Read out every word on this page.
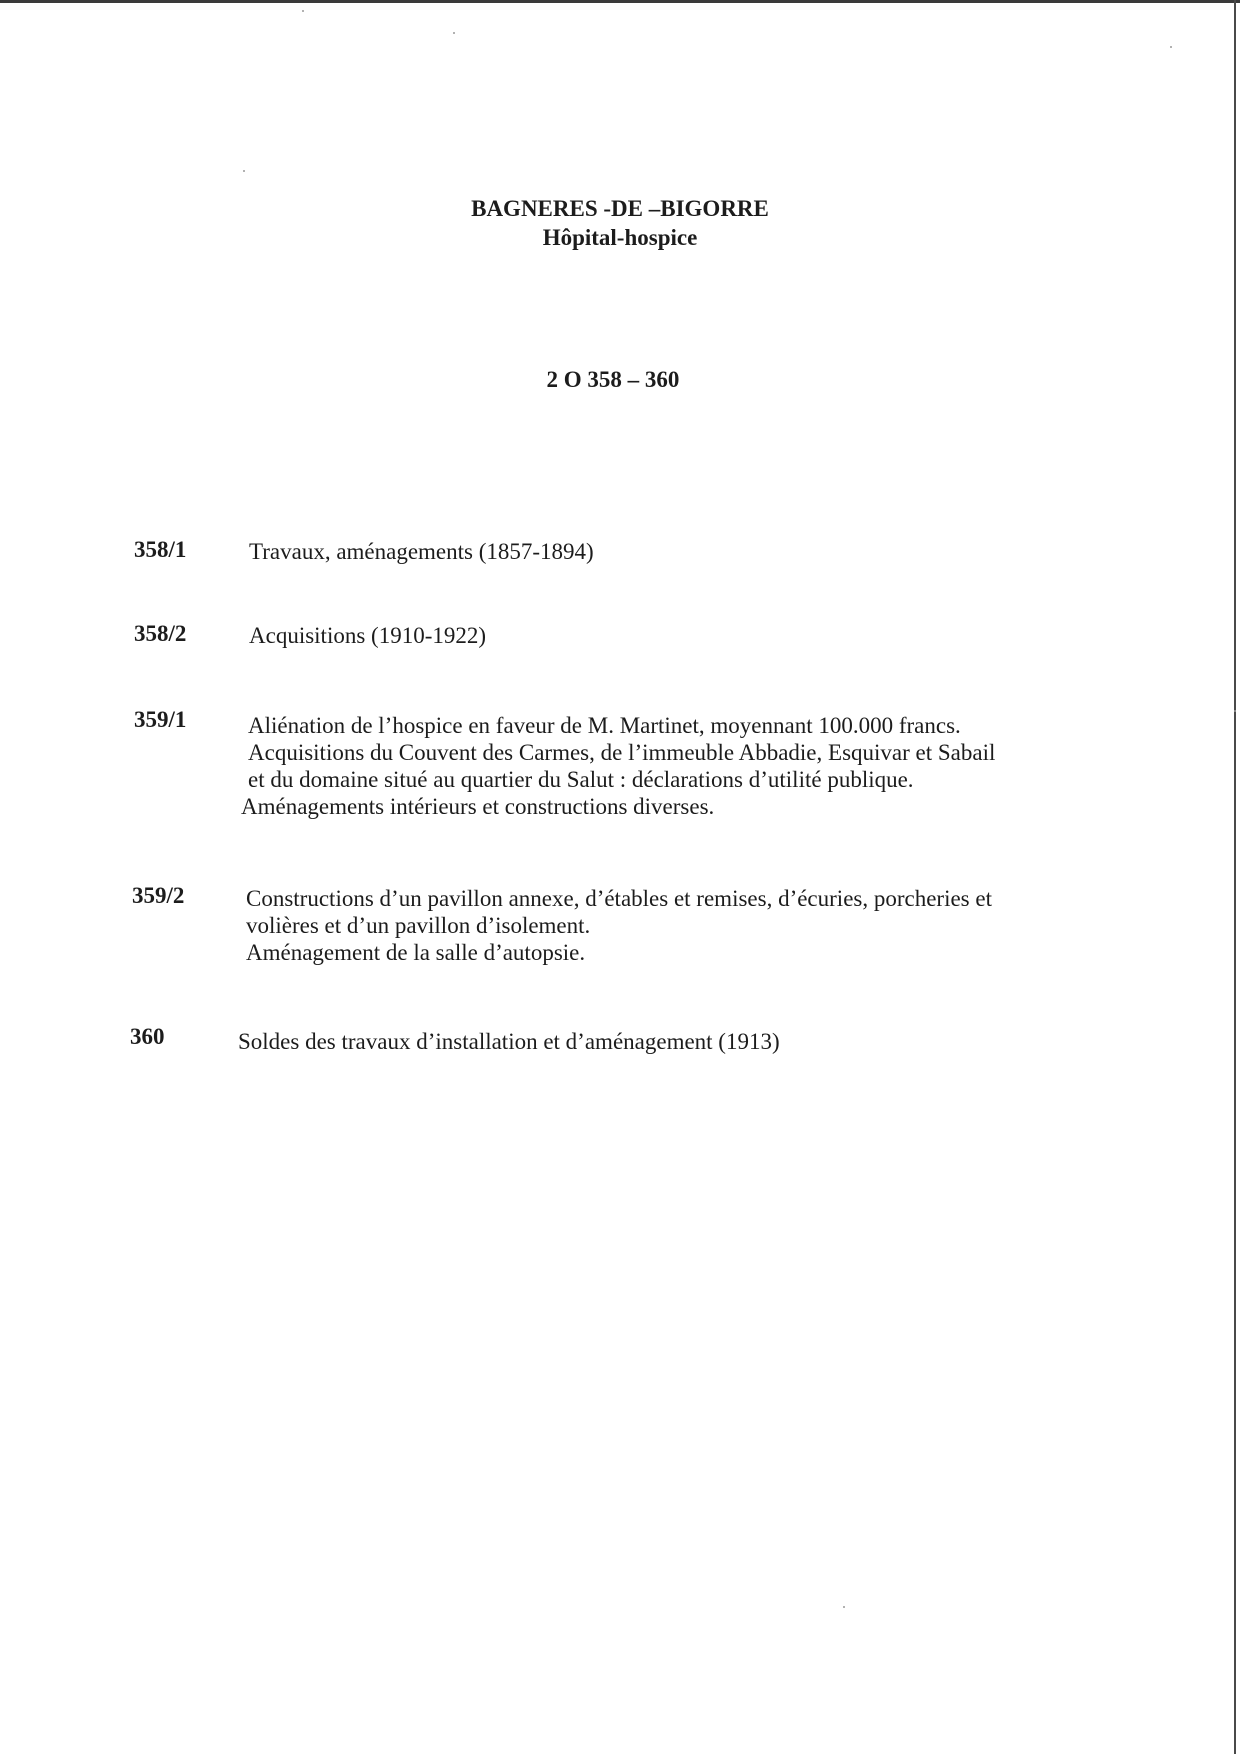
BAGNERES -DE –BIGORRE
Hôpital-hospice
2 O 358 – 360
358/1	Travaux, aménagements (1857-1894)
358/2	Acquisitions (1910-1922)
359/1	Aliénation de l’hospice en faveur de M. Martinet, moyennant 100.000 francs.
Acquisitions du Couvent des Carmes, de l’immeuble Abbadie, Esquivar et Sabail
et du domaine situé au quartier du Salut : déclarations d’utilité publique.
Aménagements intérieurs et constructions diverses.
359/2	Constructions d’un pavillon annexe, d’étables et remises, d’écuries, porcheries et
volières et d’un pavillon d’isolement.
Aménagement de la salle d’autopsie.
360	Soldes des travaux d’installation et d’aménagement (1913)
